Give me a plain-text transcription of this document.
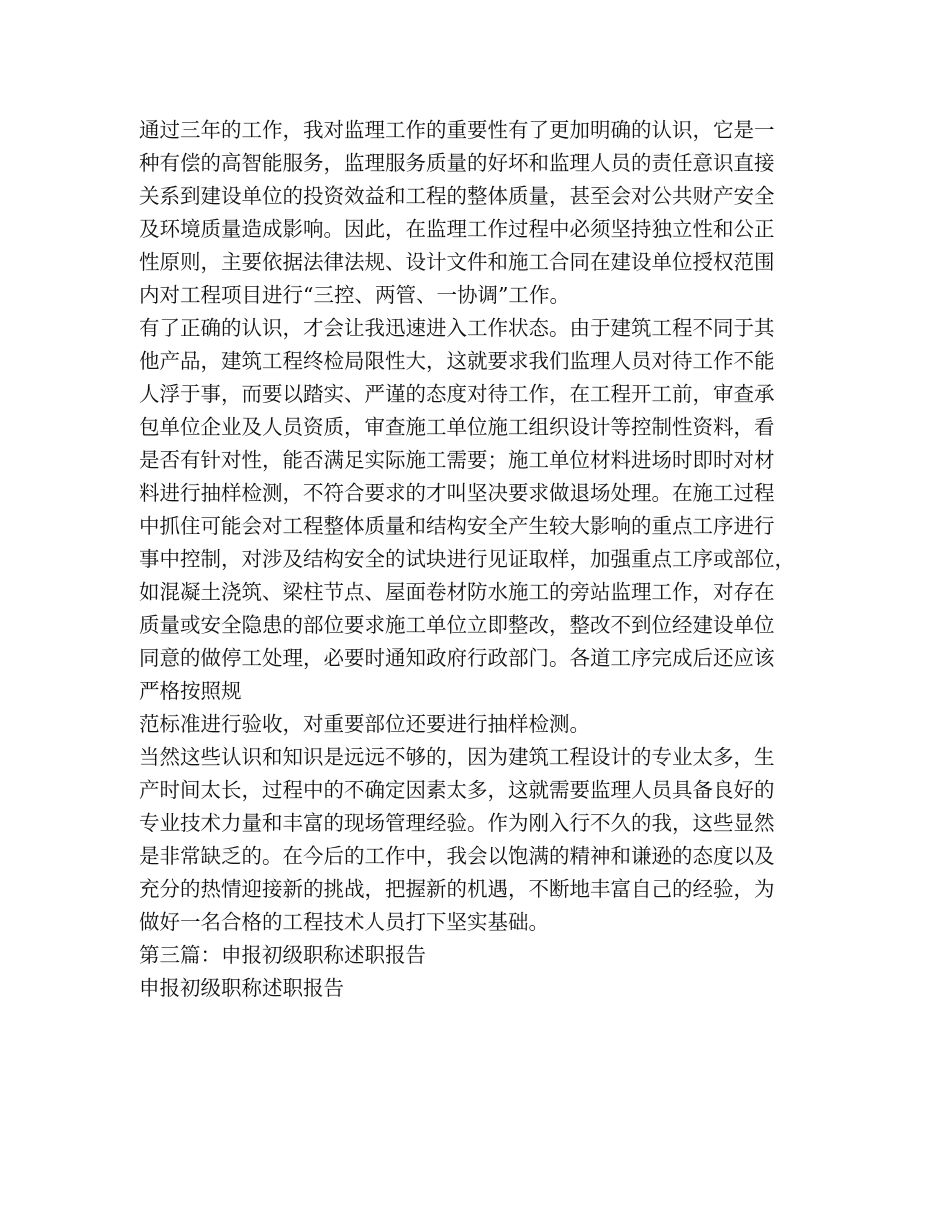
通过三年的工作，我对监理工作的重要性有了更加明确的认识，它是一
种有偿的高智能服务，监理服务质量的好坏和监理人员的责任意识直接
关系到建设单位的投资效益和工程的整体质量，甚至会对公共财产安全
及环境质量造成影响。因此，在监理工作过程中必须坚持独立性和公正
性原则，主要依据法律法规、设计文件和施工合同在建设单位授权范围
内对工程项目进行“三控、两管、一协调”工作。
有了正确的认识，才会让我迅速进入工作状态。由于建筑工程不同于其
他产品，建筑工程终检局限性大，这就要求我们监理人员对待工作不能
人浮于事，而要以踏实、严谨的态度对待工作，在工程开工前，审查承
包单位企业及人员资质，审查施工单位施工组织设计等控制性资料，看
是否有针对性，能否满足实际施工需要；施工单位材料进场时即时对材
料进行抽样检测，不符合要求的才叫坚决要求做退场处理。在施工过程
中抓住可能会对工程整体质量和结构安全产生较大影响的重点工序进行
事中控制，对涉及结构安全的试块进行见证取样，加强重点工序或部位，
如混凝土浇筑、梁柱节点、屋面卷材防水施工的旁站监理工作，对存在
质量或安全隐患的部位要求施工单位立即整改，整改不到位经建设单位
同意的做停工处理，必要时通知政府行政部门。各道工序完成后还应该
严格按照规
范标准进行验收，对重要部位还要进行抽样检测。
当然这些认识和知识是远远不够的，因为建筑工程设计的专业太多，生
产时间太长，过程中的不确定因素太多，这就需要监理人员具备良好的
专业技术力量和丰富的现场管理经验。作为刚入行不久的我，这些显然
是非常缺乏的。在今后的工作中，我会以饱满的精神和谦逊的态度以及
充分的热情迎接新的挑战，把握新的机遇，不断地丰富自己的经验，为
做好一名合格的工程技术人员打下坚实基础。
第三篇：申报初级职称述职报告
申报初级职称述职报告
